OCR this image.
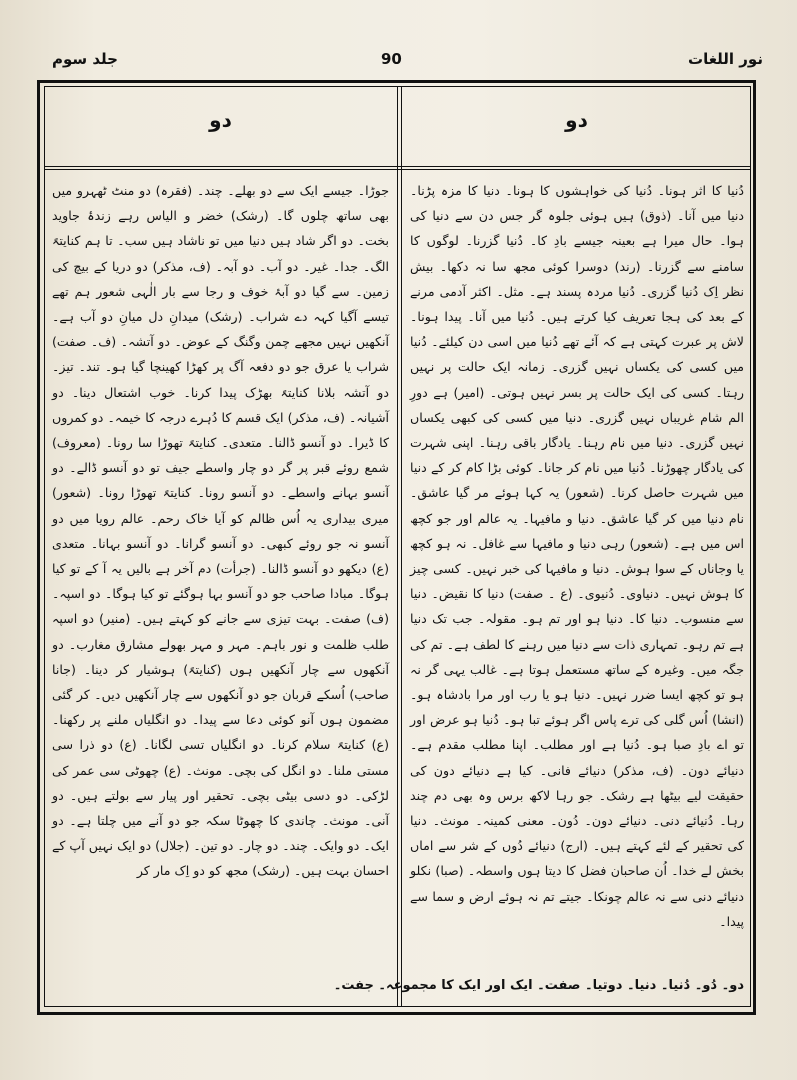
نور اللغات
90
جلد سوم
دو
دو

دُنیا کا اثر ہونا۔ دُنیا کی خواہشوں کا ہونا۔ دنیا کا مزہ پڑنا۔ دنیا میں آنا۔ (ذوق) ہیں ہوئی جلوہ گر جس دن سے دنیا کی ہوا۔ حال میرا ہے بعینہ جیسے بادِ کا۔ دُنیا گزرنا۔ لوگوں کا سامنے سے گزرنا۔ (رند) دوسرا کوئی مجھ سا نہ دکھا۔ بیش نظر اِک دُنیا گزری۔ دُنیا مردہ پسند ہے۔ مثل۔ اکثر آدمی مرنے کے بعد کی ہجا تعریف کیا کرتے ہیں۔ دُنیا میں آنا۔ پیدا ہونا۔ لاش پر عبرت کہتی ہے کہ آئے تھے دُنیا میں اسی دن کیلئے۔ دُنیا میں کسی کی یکساں نہیں گزری۔ زمانہ ایک حالت پر نہیں رہتا۔ کسی کی ایک حالت پر بسر نہیں ہوتی۔ (امیر) ہے دورِ الم شام غریباں نہیں گزری۔ دنیا میں کسی کی کبھی یکساں نہیں گزری۔ دنیا میں نام رہنا۔ یادگار باقی رہنا۔ اپنی شہرت کی یادگار چھوڑنا۔ دُنیا میں نام کر جانا۔ کوئی بڑا کام کر کے دنیا میں شہرت حاصل کرنا۔ (شعور) یہ کہا ہوئے مر گیا عاشق۔ نام دنیا میں کر گیا عاشق۔ دنیا و مافیہا۔ یہ عالم اور جو کچھ اس میں ہے۔ (شعور) رہی دنیا و مافیہا سے غافل۔ نہ ہو کچھ یا وجاناں کے سوا ہوش۔ دنیا و مافیہا کی خبر نہیں۔ کسی چیز کا ہوش نہیں۔ دنیاوی۔ دُنیوی۔ (ع ۔ صفت) دنیا کا نقیض۔ دنیا سے منسوب۔ دنیا کا۔ دنیا ہو اور تم ہو۔ مقولہ۔ جب تک دنیا ہے تم رہو۔ تمہاری ذات سے دنیا میں رہنے کا لطف ہے۔ تم کی جگہ میں۔ وغیرہ کے ساتھ مستعمل ہوتا ہے۔ غالب یہی گر نہ ہو تو کچھ ایسا ضرر نہیں۔ دنیا ہو یا رب اور مرا بادشاہ ہو۔ (انشا) اُس گلی کی ترے پاس اگر ہوئے تبا ہو۔ دُنیا ہو عرض اور تو اے بادِ صبا ہو۔ دُنیا ہے اور مطلب۔ اپنا مطلب مقدم ہے۔ دنیائے دون۔ (ف، مذکر) دنیائے فانی۔ کیا ہے دنیائے دون کی حقیقت لیے بیٹھا ہے رشک۔ جو رہا لاکھ برس وہ بھی دم چند رہا۔ دُنیائے دنی۔ دنیائے دون۔ دُون۔ معنی کمینہ۔ مونث۔ دنیا کی تحقیر کے لئے کہتے ہیں۔ (ارج) دنیائے دُوں کے شر سے اماں بخش لے خدا۔ اُن صاحبان فضل کا دیتا ہوں واسطہ۔ (صبا) نکلو دنیائے دنی سے نہ عالم چونکا۔ جیتے تم نہ ہوئے ارض و سما سے پیدا۔

دو۔ دُو۔ دُنیا۔ دنیا۔ دوتیا۔ صفت۔ ایک اور ایک کا مجموعہ۔ جفت۔

جوڑا۔ جیسے ایک سے دو بھلے۔ چند۔ (فقرہ) دو منٹ ٹھہرو میں بھی ساتھ چلوں گا۔ (رشک) خضر و الیاس رہے زندۂ جاوید بخت۔ دو اگر شاد ہیں دنیا میں تو ناشاد ہیں سب۔ تا ہم کنایتہً الگ۔ جدا۔ غیر۔ دو آب۔ دو آبہ۔ (ف، مذکر) دو دریا کے بیچ کی زمین۔ سے گیا دو آبۂ خوف و رجا سے بار الٰہی شعور ہم تھے تیسے آگیا کہہ دے شراب۔ (رشک) میدانِ دل میانِ دو آب ہے۔ آنکھیں نہیں مجھے چمن وگنگ کے عوض۔ دو آتشہ۔ (ف۔ صفت) شراب یا عرق جو دو دفعہ آگ پر کھڑا کھینچا گیا ہو۔ تند۔ تیز۔ دو آتشہ بلانا کنایتہً بھڑک پیدا کرنا۔ خوب اشتعال دینا۔ دو آشیانہ۔ (ف، مذکر) ایک قسم کا دُہرے درجہ کا خیمہ۔ دو کمروں کا ڈیرا۔ دو آنسو ڈالنا۔ متعدی۔ کنایتہً تھوڑا سا رونا۔ (معروف) شمع روئے قبر پر گر دو چار واسطے جیف تو دو آنسو ڈالے۔ دو آنسو بہانے واسطے۔ دو آنسو رونا۔ کنایتہً تھوڑا رونا۔ (شعور) میری بیداری یہ اُس ظالم کو آیا خاک رحم۔ عالم رویا میں دو آنسو نہ جو روئے کبھی۔ دو آنسو گرانا۔ دو آنسو بہانا۔ متعدی (ع) دیکھو دو آنسو ڈالنا۔ (جرأت) دم آخر ہے بالیں یہ آ کے تو کیا ہوگا۔ مبادا صاحب جو دو آنسو بہا ہوگئے تو کیا ہوگا۔ دو اسپہ۔ (ف) صفت۔ بہت تیزی سے جانے کو کہتے ہیں۔ (منیر) دو اسپہ طلب ظلمت و نور باہم۔ مہر و مہر بھولے مشارق مغارب۔ دو آنکھوں سے چار آنکھیں ہوں (کنایتہً) ہوشیار کر دینا۔ (جانا صاحب) اُسکے قربان جو دو آنکھوں سے چار آنکھیں دیں۔ کر گئی مضمون ہوں آنو کوئی دعا سے پیدا۔ دو انگلیاں ملنے پر رکھنا۔ (ع) کنایتہً سلام کرنا۔ دو انگلیاں تسی لگانا۔ (ع) دو ذرا سی مستی ملنا۔ دو انگل کی بچی۔ مونث۔ (ع) چھوٹی سی عمر کی لڑکی۔ دو دسی بیٹی بچی۔ تحقیر اور پیار سے بولتے ہیں۔ دو آنی۔ مونث۔ چاندی کا چھوٹا سکہ جو دو آنے میں چلتا ہے۔ دو ایک۔ دو وایک۔ چند۔ دو چار۔ دو تین۔ (جلال) دو ایک نہیں آپ کے احسان بہت ہیں۔ (رشک) مجھ کو دو اِک مار کر
